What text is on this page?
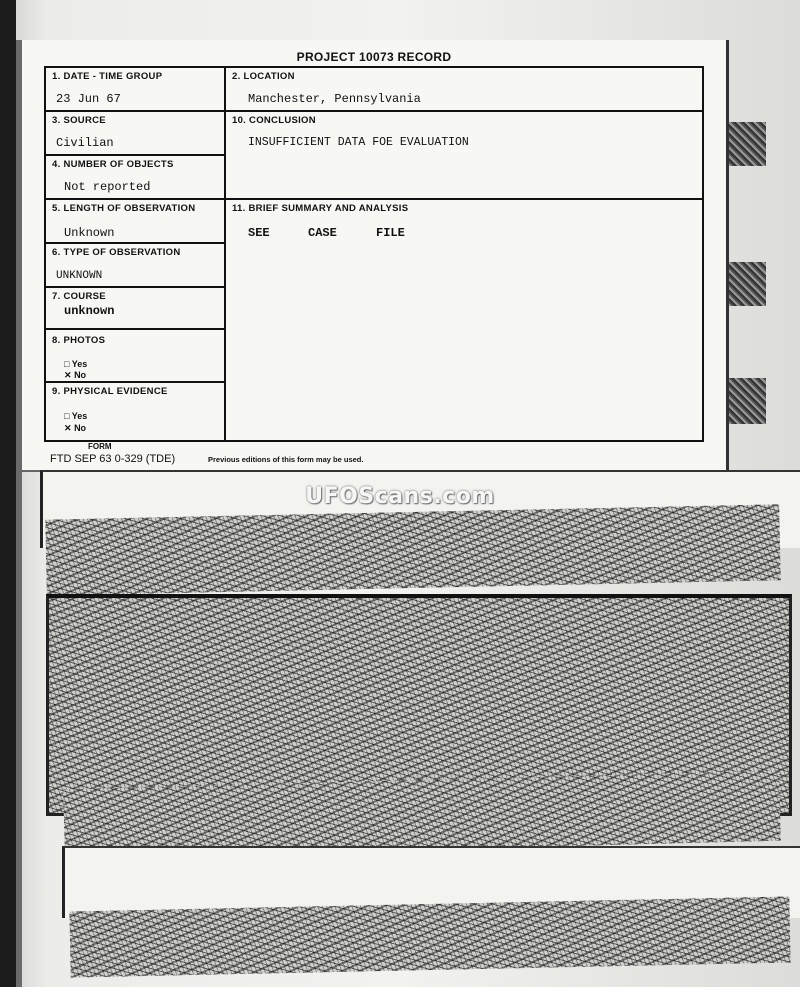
PROJECT 10073 RECORD
1. DATE - TIME GROUP
23 Jun 67
2. LOCATION
Manchester, Pennsylvania
3. SOURCE
Civilian
10. CONCLUSION
INSUFFICIENT DATA FOE EVALUATION
4. NUMBER OF OBJECTS
Not reported
5. LENGTH OF OBSERVATION
Unknown
11. BRIEF SUMMARY AND ANALYSIS
SEE	CASE	FILE
6. TYPE OF OBSERVATION
UNKNOWN
7. COURSE
unknown
8. PHOTOS
□ Yes
✕ No
9. PHYSICAL EVIDENCE
□ Yes
✕ No
FORM
FTD SEP 63 0-329 (TDE)	Previous editions of this form may be used.
UFOScans.com
